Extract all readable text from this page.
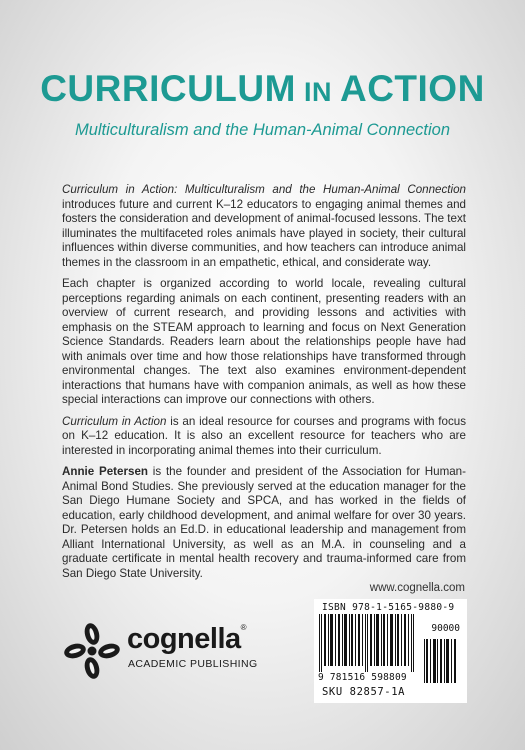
CURRICULUM IN ACTION
Multiculturalism and the Human-Animal Connection

Curriculum in Action: Multiculturalism and the Human-Animal Connection introduces future and current K–12 educators to engaging animal themes and fosters the consideration and development of animal-focused lessons. The text illuminates the multifaceted roles animals have played in society, their cultural influences within diverse communities, and how teachers can introduce animal themes in the classroom in an empathetic, ethical, and considerate way.

Each chapter is organized according to world locale, revealing cultural perceptions regarding animals on each continent, presenting readers with an overview of current research, and providing lessons and activities with emphasis on the STEAM approach to learning and focus on Next Generation Science Standards. Readers learn about the relationships people have had with animals over time and how those relationships have transformed through environmental changes. The text also examines environment-dependent interactions that humans have with companion animals, as well as how these special interactions can improve our connections with others.

Curriculum in Action is an ideal resource for courses and programs with focus on K–12 education. It is also an excellent resource for teachers who are interested in incorporating animal themes into their curriculum.

Annie Petersen is the founder and president of the Association for Human-Animal Bond Studies. She previously served at the education manager for the San Diego Humane Society and SPCA, and has worked in the fields of education, early childhood development, and animal welfare for over 30 years. Dr. Petersen holds an Ed.D. in educational leadership and management from Alliant International University, as well as an M.A. in counseling and a graduate certificate in mental health recovery and trauma-informed care from San Diego State University.

www.cognella.com
ISBN 978-1-5165-9880-9
90000
9 781516 598809
SKU 82857-1A
cognella®
ACADEMIC PUBLISHING
